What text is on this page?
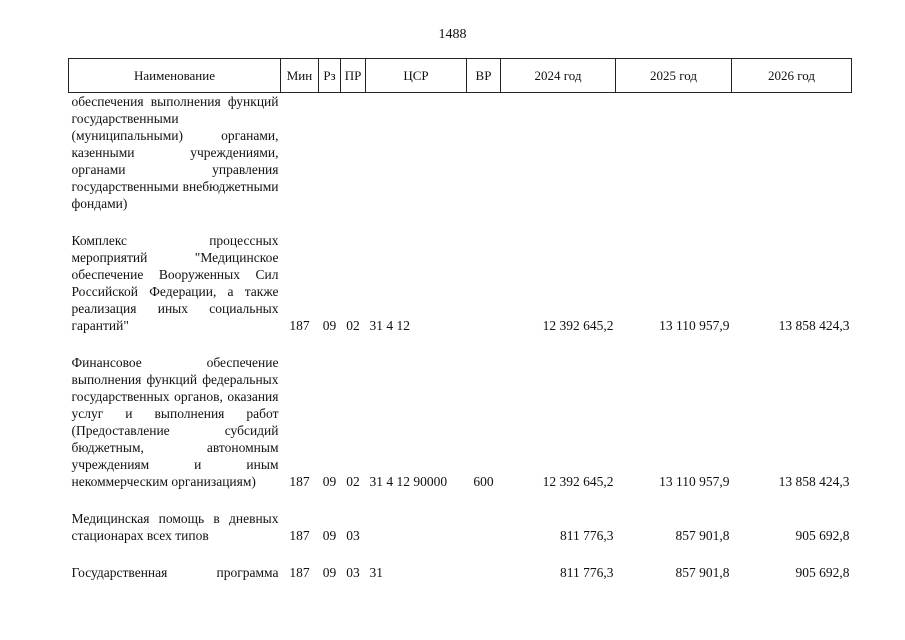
1488
Наименование	Мин	Рз	ПР	ЦСР	ВР	2024 год	2025 год	2026 год
обеспечения выполнения функций государственными (муниципальными) органами, казенными учреждениями, органами управления государственными внебюджетными фондами)								

Комплекс процессных мероприятий "Медицинское обеспечение Вооруженных Сил Российской Федерации, а также реализация иных социальных гарантий"	187	09	02	31 4 12		12 392 645,2	13 110 957,9	13 858 424,3

Финансовое обеспечение выполнения функций федеральных государственных органов, оказания услуг и выполнения работ (Предоставление субсидий бюджетным, автономным учреждениям и иным некоммерческим организациям)	187	09	02	31 4 12 90000	600	12 392 645,2	13 110 957,9	13 858 424,3

Медицинская помощь в дневных стационарах всех типов	187	09	03			811 776,3	857 901,8	905 692,8

Государственная программа	187	09	03	31		811 776,3	857 901,8	905 692,8
